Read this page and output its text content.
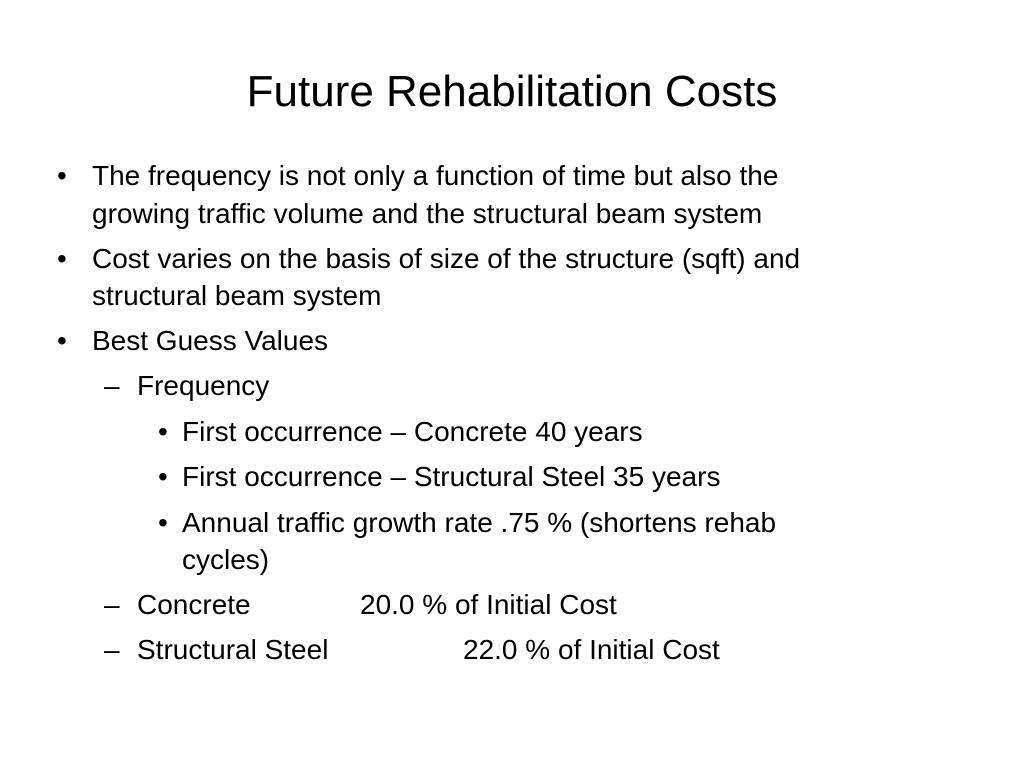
Future Rehabilitation Costs
• The frequency is not only a function of time but also the
growing traffic volume and the structural beam system
• Cost varies on the basis of size of the structure (sqft) and
structural beam system
• Best Guess Values
– Frequency
• First occurrence – Concrete 40 years
• First occurrence – Structural Steel 35 years
• Annual traffic growth rate .75 % (shortens rehab
cycles)
– Concrete	20.0 % of Initial Cost
– Structural Steel	22.0 % of Initial Cost
